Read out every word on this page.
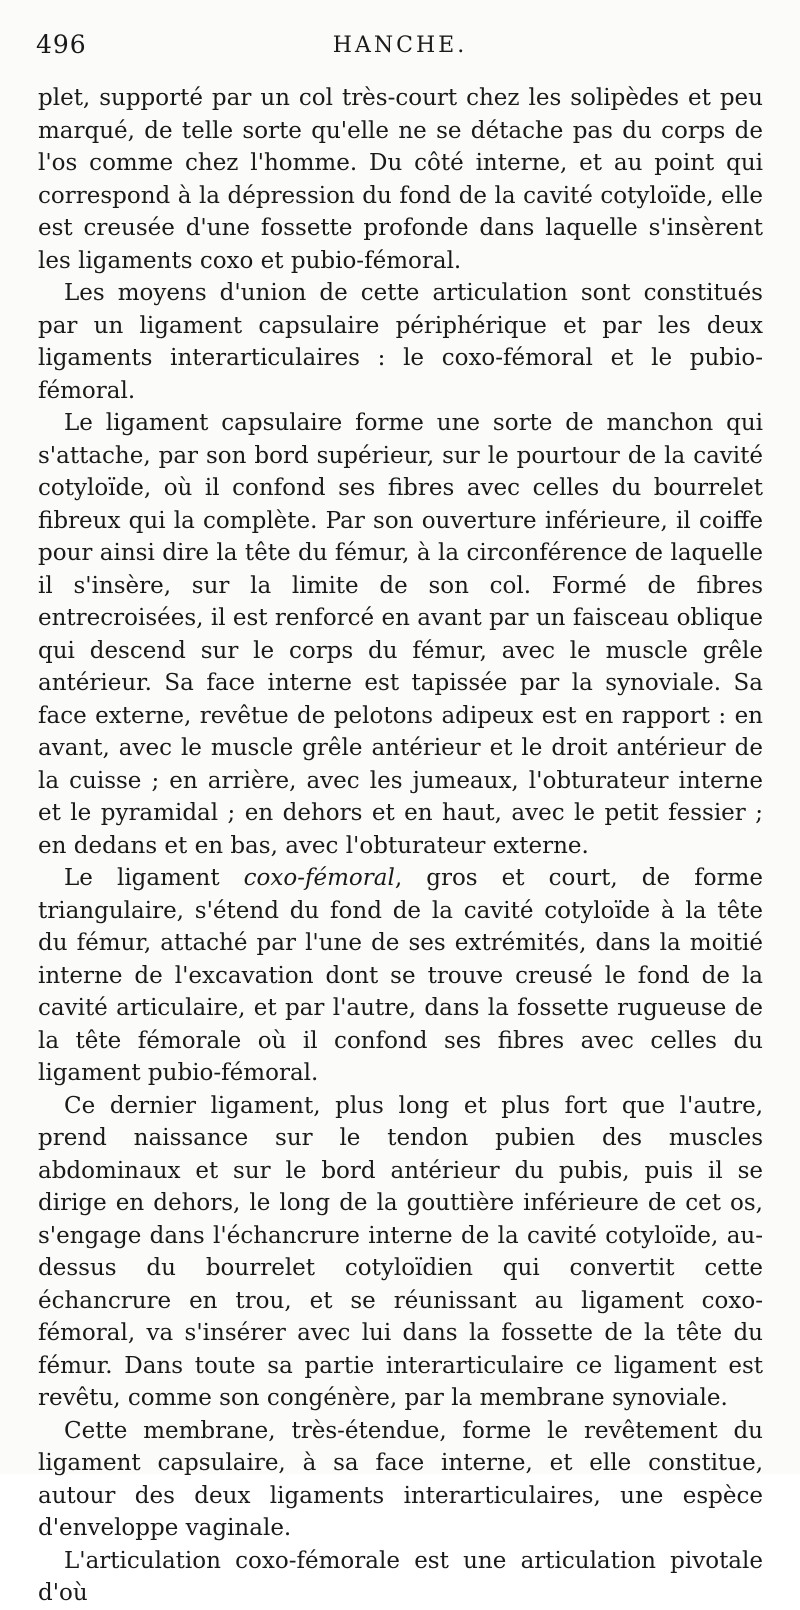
496	HANCHE.

plet, supporté par un col très-court chez les solipèdes et peu marqué, de telle sorte qu'elle ne se détache pas du corps de l'os comme chez l'homme. Du côté interne, et au point qui correspond à la dépression du fond de la cavité cotyloïde, elle est creusée d'une fossette profonde dans laquelle s'insèrent les ligaments coxo et pubio-fémoral.

Les moyens d'union de cette articulation sont constitués par un ligament capsulaire périphérique et par les deux ligaments interarticulaires : le coxo-fémoral et le pubio-fémoral.

Le ligament capsulaire forme une sorte de manchon qui s'attache, par son bord supérieur, sur le pourtour de la cavité cotyloïde, où il confond ses fibres avec celles du bourrelet fibreux qui la complète. Par son ouverture inférieure, il coiffe pour ainsi dire la tête du fémur, à la circonférence de laquelle il s'insère, sur la limite de son col. Formé de fibres entrecroisées, il est renforcé en avant par un faisceau oblique qui descend sur le corps du fémur, avec le muscle grêle antérieur. Sa face interne est tapissée par la synoviale. Sa face externe, revêtue de pelotons adipeux est en rapport : en avant, avec le muscle grêle antérieur et le droit antérieur de la cuisse ; en arrière, avec les jumeaux, l'obturateur interne et le pyramidal ; en dehors et en haut, avec le petit fessier ; en dedans et en bas, avec l'obturateur externe.

Le ligament coxo-fémoral, gros et court, de forme triangulaire, s'étend du fond de la cavité cotyloïde à la tête du fémur, attaché par l'une de ses extrémités, dans la moitié interne de l'excavation dont se trouve creusé le fond de la cavité articulaire, et par l'autre, dans la fossette rugueuse de la tête fémorale où il confond ses fibres avec celles du ligament pubio-fémoral.

Ce dernier ligament, plus long et plus fort que l'autre, prend naissance sur le tendon pubien des muscles abdominaux et sur le bord antérieur du pubis, puis il se dirige en dehors, le long de la gouttière inférieure de cet os, s'engage dans l'échancrure interne de la cavité cotyloïde, au-dessus du bourrelet cotyloïdien qui convertit cette échancrure en trou, et se réunissant au ligament coxo-fémoral, va s'insérer avec lui dans la fossette de la tête du fémur. Dans toute sa partie interarticulaire ce ligament est revêtu, comme son congénère, par la membrane synoviale.

Cette membrane, très-étendue, forme le revêtement du ligament capsulaire, à sa face interne, et elle constitue, autour des deux ligaments interarticulaires, une espèce d'enveloppe vaginale.

L'articulation coxo-fémorale est une articulation pivotale d'où
